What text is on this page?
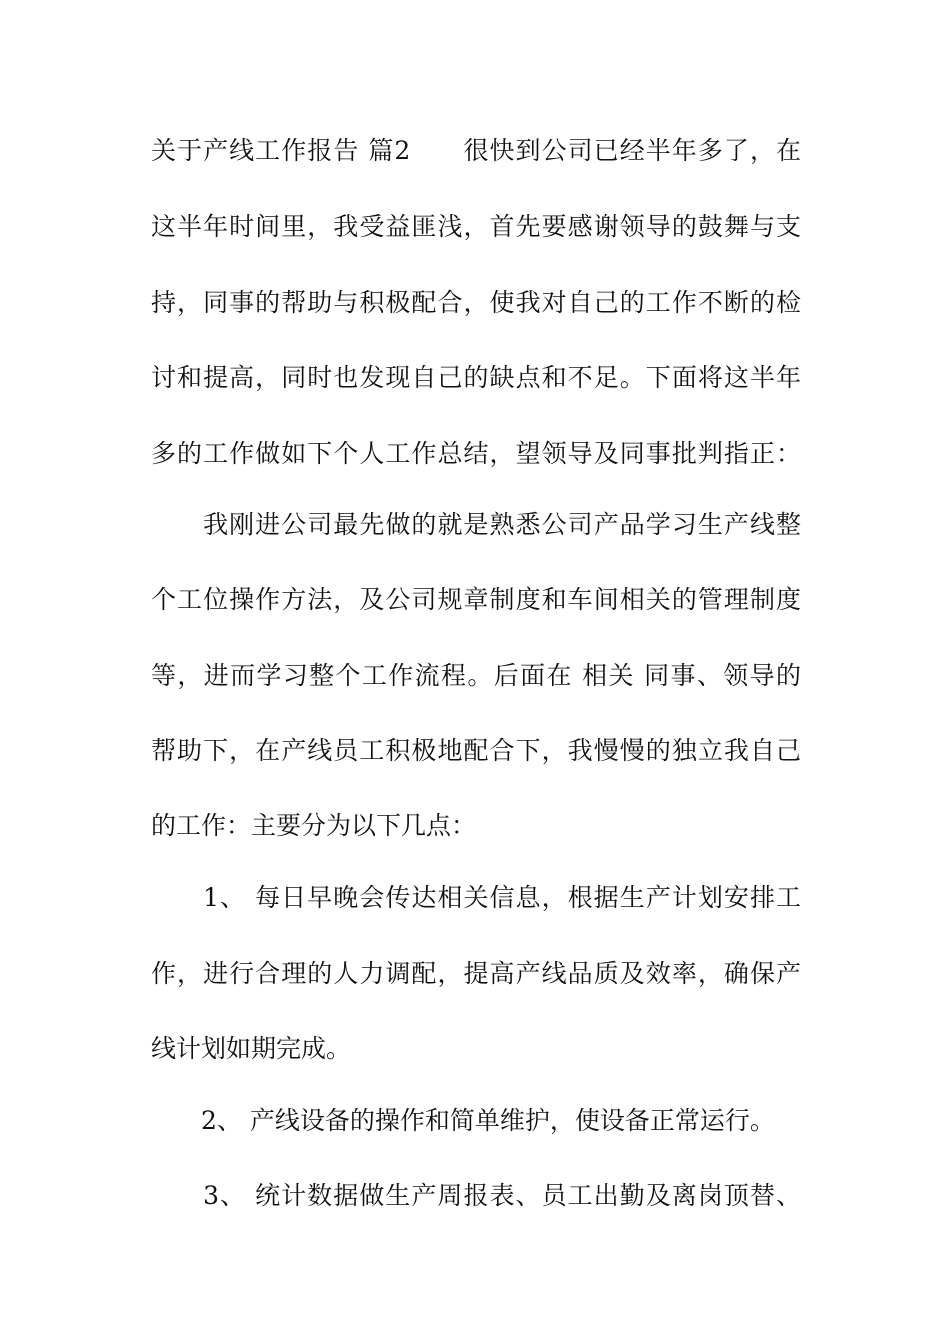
关于产线工作报告 篇2　　很快到公司已经半年多了，在
这半年时间里，我受益匪浅，首先要感谢领导的鼓舞与支
持，同事的帮助与积极配合，使我对自己的工作不断的检
讨和提高，同时也发现自己的缺点和不足。下面将这半年
多的工作做如下个人工作总结，望领导及同事批判指正：
　　我刚进公司最先做的就是熟悉公司产品学习生产线整
个工位操作方法，及公司规章制度和车间相关的管理制度
等，进而学习整个工作流程。后面在 相关 同事、领导的
帮助下，在产线员工积极地配合下，我慢慢的独立我自己
的工作：主要分为以下几点：
　　1、 每日早晚会传达相关信息，根据生产计划安排工
作，进行合理的人力调配，提高产线品质及效率，确保产
线计划如期完成。
　　2、 产线设备的操作和简单维护，使设备正常运行。
　　3、 统计数据做生产周报表、员工出勤及离岗顶替、
